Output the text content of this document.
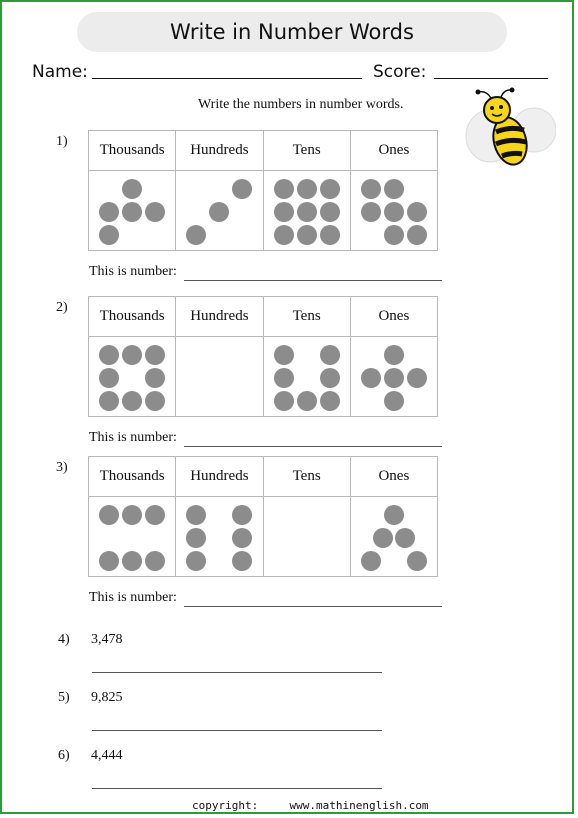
Write in Number Words
Name:	Score:
Write the numbers in number words.
1)
Thousands	Hundreds	Tens	Ones

This is number:
2)
Thousands	Hundreds	Tens	Ones

This is number:
3)
Thousands	Hundreds	Tens	Ones

This is number:
4) 3,478
5) 9,825
6) 4,444
copyright:	www.mathinenglish.com
